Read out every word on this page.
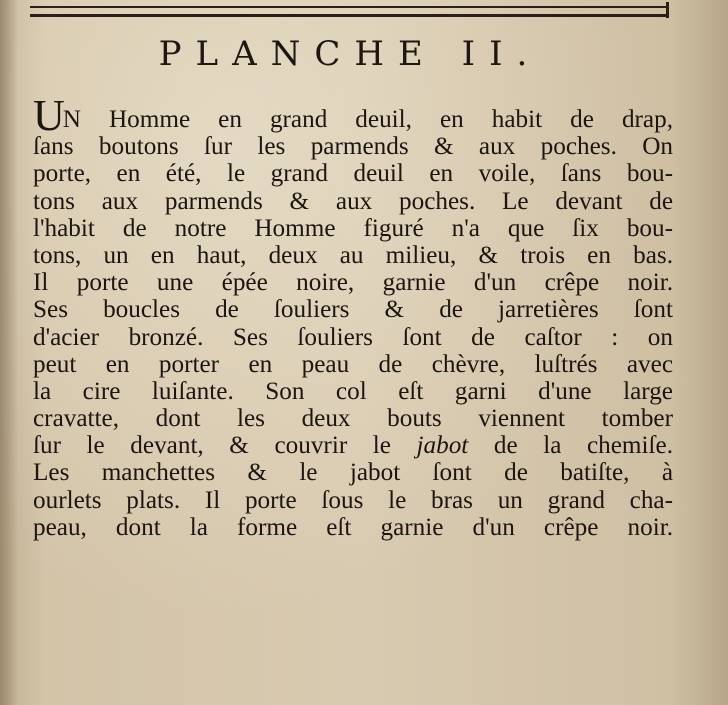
PLANCHE II.
UN Homme en grand deuil, en habit de drap,
ſans boutons ſur les parmends & aux poches. On
porte, en été, le grand deuil en voile, ſans bou-
tons aux parmends & aux poches. Le devant de
l'habit de notre Homme figuré n'a que ſix bou-
tons, un en haut, deux au milieu, & trois en bas.
Il porte une épée noire, garnie d'un crêpe noir.
Ses boucles de ſouliers & de jarretières ſont
d'acier bronzé. Ses ſouliers ſont de caſtor : on
peut en porter en peau de chèvre, luſtrés avec
la cire luiſante. Son col eſt garni d'une large
cravatte, dont les deux bouts viennent tomber
ſur le devant, & couvrir le jabot de la chemiſe.
Les manchettes & le jabot ſont de batiſte, à
ourlets plats. Il porte ſous le bras un grand cha-
peau, dont la forme eſt garnie d'un crêpe noir.
